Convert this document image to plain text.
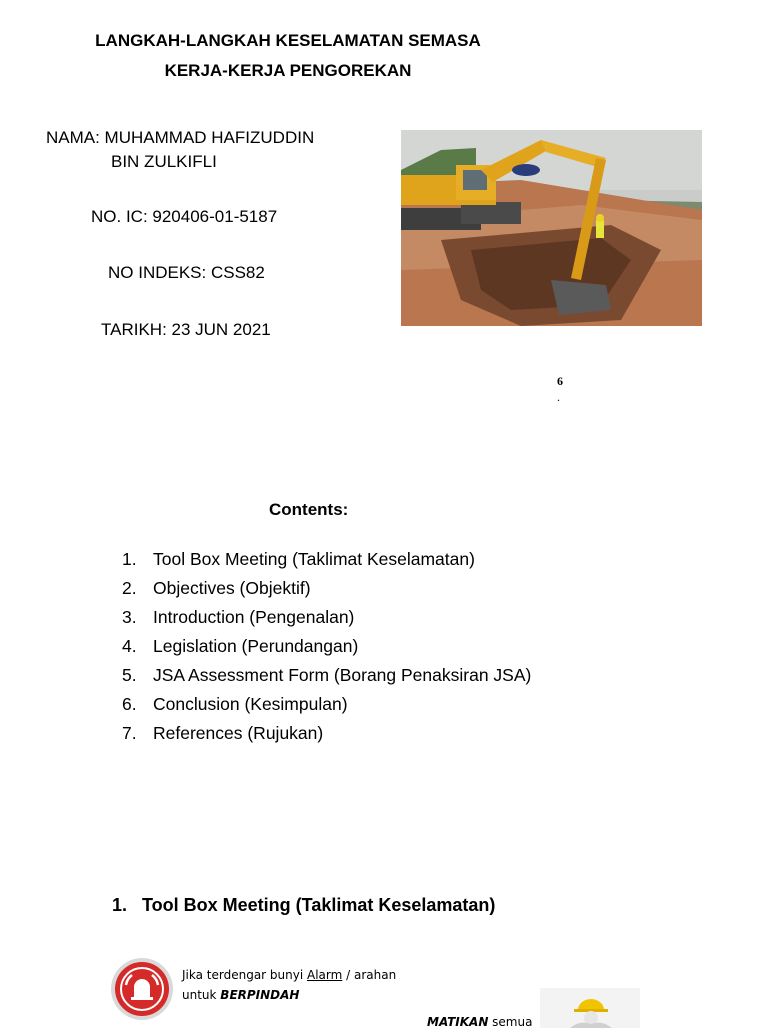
LANGKAH-LANGKAH KESELAMATAN SEMASA
KERJA-KERJA PENGOREKAN
NAMA: MUHAMMAD HAFIZUDDIN
BIN ZULKIFLI
NO. IC: 920406-01-5187
NO INDEKS: CSS82
TARIKH: 23 JUN 2021
6
.
Contents:
1. Tool Box Meeting (Taklimat Keselamatan)
2. Objectives (Objektif)
3. Introduction (Pengenalan)
4. Legislation (Perundangan)
5. JSA Assessment Form (Borang Penaksiran JSA)
6. Conclusion (Kesimpulan)
7. References (Rujukan)
1. Tool Box Meeting (Taklimat Keselamatan)
Jika terdengar bunyi Alarm / arahan
untuk BERPINDAH
MATIKAN semua
